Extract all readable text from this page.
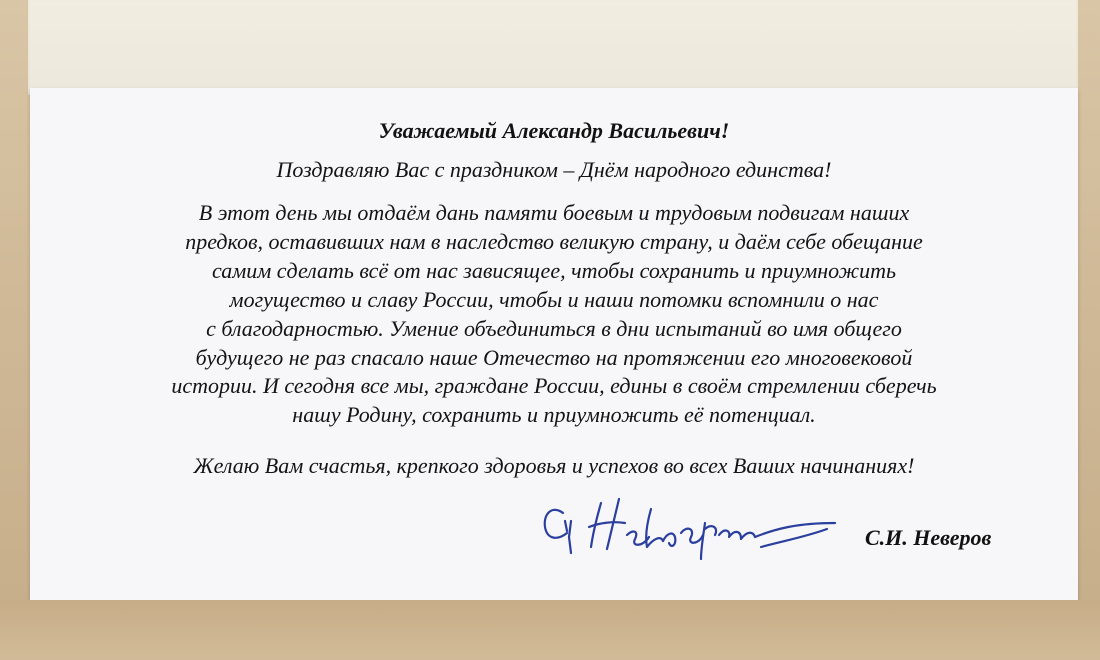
Уважаемый Александр Васильевич!
Поздравляю Вас с праздником – Днём народного единства!
В этот день мы отдаём дань памяти боевым и трудовым подвигам наших
предков, оставивших нам в наследство великую страну, и даём себе обещание
самим сделать всё от нас зависящее, чтобы сохранить и приумножить
могущество и славу России, чтобы и наши потомки вспомнили о нас
с благодарностью. Умение объединиться в дни испытаний во имя общего
будущего не раз спасало наше Отечество на протяжении его многовековой
истории. И сегодня все мы, граждане России, едины в своём стремлении сберечь
нашу Родину, сохранить и приумножить её потенциал.
Желаю Вам счастья, крепкого здоровья и успехов во всех Ваших начинаниях!
С.И. Неверов
